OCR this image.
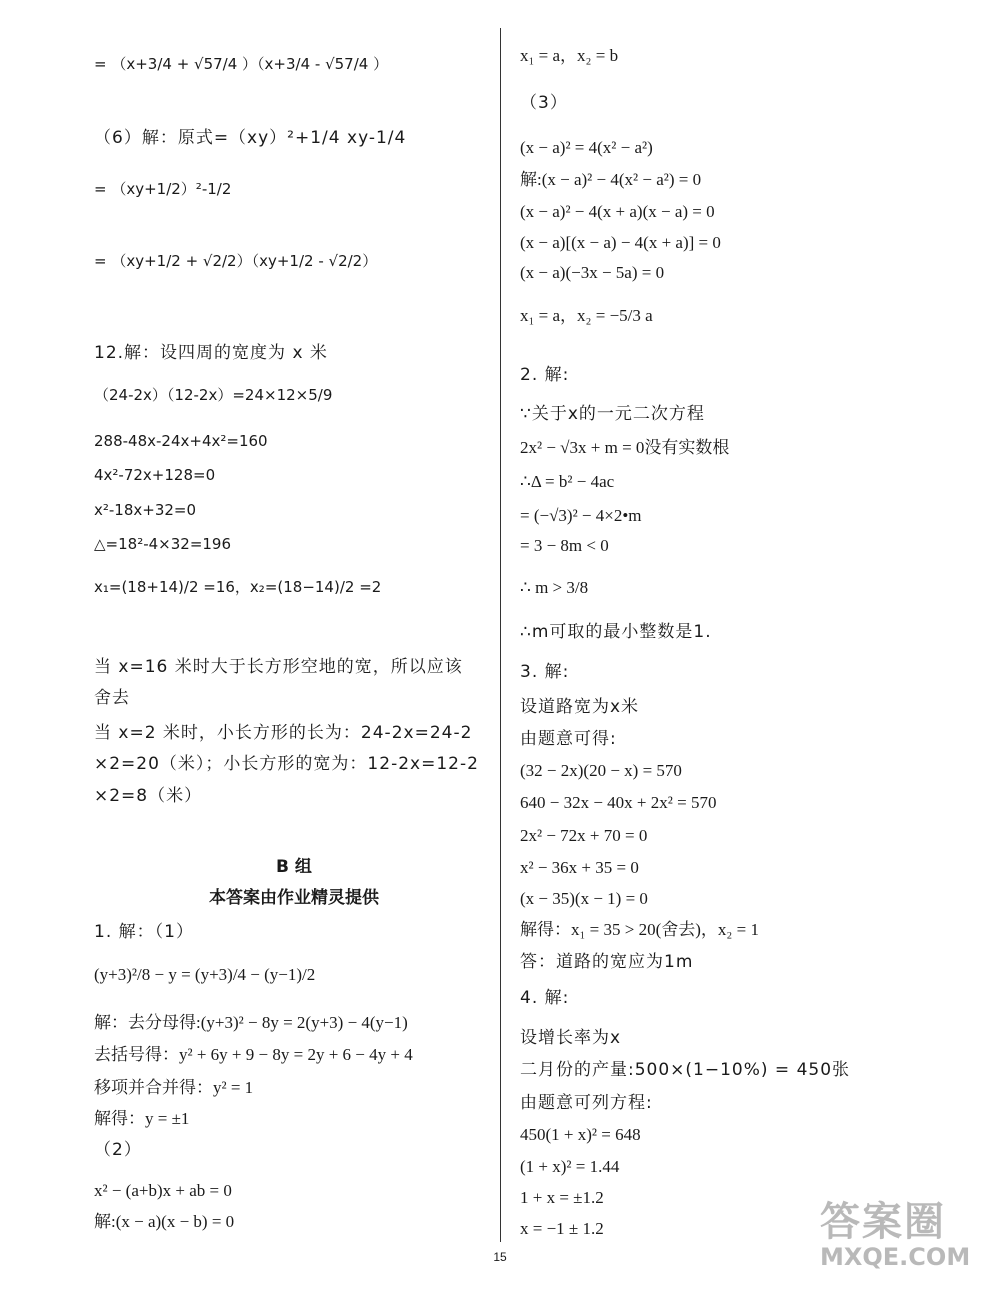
= （x+3/4 + √57/4 ）（x+3/4 - √57/4 ）
（6）解：原式=（xy）²+1/4 xy-1/4
= （xy+1/2）²-1/2
= （xy+1/2 + √2/2）（xy+1/2 - √2/2）
12.解：设四周的宽度为 x 米
（24-2x）（12-2x）=24×12×5/9
288-48x-24x+4x²=160
4x²-72x+128=0
x²-18x+32=0
△=18²-4×32=196
x₁=(18+14)/2 =16，x₂=(18−14)/2 =2
当 x=16 米时大于长方形空地的宽，所以应该
舍去
当 x=2 米时，小长方形的长为：24-2x=24-2
×2=20（米）；小长方形的宽为：12-2x=12-2
×2=8（米）
B 组
本答案由作业精灵提供
1. 解：（1）
(y+3)²/8 − y = (y+3)/4 − (y−1)/2
解：去分母得:(y+3)² − 8y = 2(y+3) − 4(y−1)
去括号得：y² + 6y + 9 − 8y = 2y + 6 − 4y + 4
移项并合并得：y² = 1
解得：y = ±1
（2）
x² − (a+b)x + ab = 0
解:(x − a)(x − b) = 0
x₁ = a，x₂ = b
（3）
(x − a)² = 4(x² − a²)
解:(x − a)² − 4(x² − a²) = 0
(x − a)² − 4(x + a)(x − a) = 0
(x − a)[(x − a) − 4(x + a)] = 0
(x − a)(−3x − 5a) = 0
x₁ = a，x₂ = −5/3 a
2. 解:
∵关于x的一元二次方程
2x² − √3x + m = 0没有实数根
∴Δ = b² − 4ac
= (−√3)² − 4×2•m
= 3 − 8m < 0
∴ m > 3/8
∴m可取的最小整数是1.
3. 解:
设道路宽为x米
由题意可得:
(32 − 2x)(20 − x) = 570
640 − 32x − 40x + 2x² = 570
2x² − 72x + 70 = 0
x² − 36x + 35 = 0
(x − 35)(x − 1) = 0
解得：x₁ = 35 > 20(舍去)，x₂ = 1
答：道路的宽应为1m
4. 解:
设增长率为x
二月份的产量:500×(1−10%) = 450张
由题意可列方程:
450(1 + x)² = 648
(1 + x)² = 1.44
1 + x = ±1.2
x = −1 ± 1.2
15
答案圈
MXQE.COM
